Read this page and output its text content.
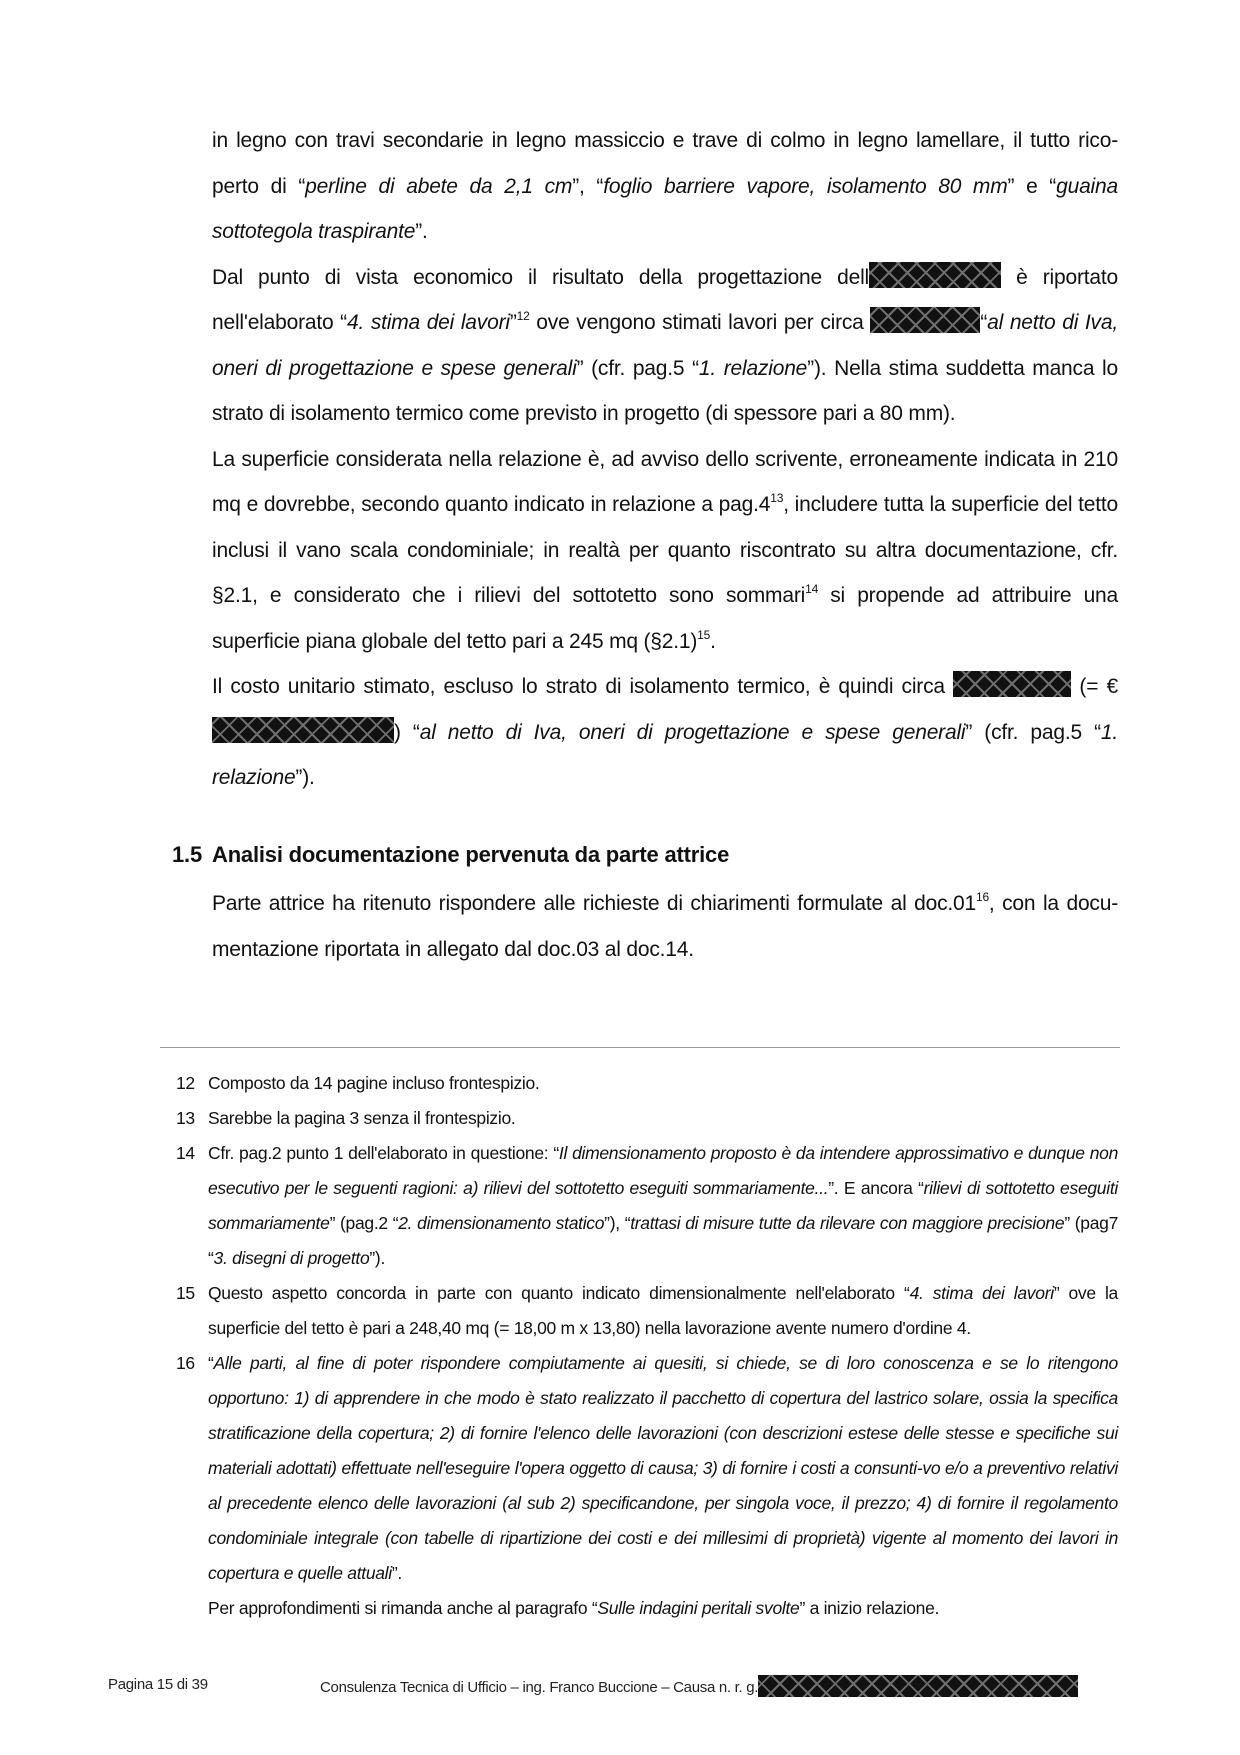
in legno con travi secondarie in legno massiccio e trave di colmo in legno lamellare, il tutto rico-perto di “perline di abete da 2,1 cm”, “foglio barriere vapore, isolamento 80 mm” e “guaina sottotegola traspirante”.

Dal punto di vista economico il risultato della progettazione dell	è riportato nell'elaborato “4. stima dei lavori”$^{12}$ ove vengono stimati lavori per circa	“al netto di Iva, oneri di progettazione e spese generali” (cfr. pag.5 “1. relazione”). Nella stima suddetta manca lo strato di isolamento termico come previsto in progetto (di spessore pari a 80 mm).

La superficie considerata nella relazione è, ad avviso dello scrivente, erroneamente indicata in 210 mq e dovrebbe, secondo quanto indicato in relazione a $pag.4^{13}$, includere tutta la superficie del tetto inclusi il vano scala condominiale; in realtà per quanto riscontrato su altra documentazione, cfr. §2.1, e considerato che i rilievi del sottotetto sono sommari$^{14}$ si propende ad attribuire una superficie piana globale del tetto pari a 245 mq (§2.1)$^{15}$.

Il costo unitario stimato, escluso lo strato di isolamento termico, è quindi circa	(= € ) “al netto di Iva, oneri di progettazione e spese generali” (cfr. pag.5 “1. relazione”).

1.5 Analisi documentazione pervenuta da parte attrice

Parte attrice ha ritenuto rispondere alle richieste di chiarimenti formulate al $doc.01^{16}$, con la docu-mentazione riportata in allegato dal doc.03 al doc.14.

12 Composto da 14 pagine incluso frontespizio.
13 Sarebbe la pagina 3 senza il frontespizio.
14 Cfr. pag.2 punto 1 dell'elaborato in questione: “Il dimensionamento proposto è da intendere approssimativo e dunque non esecutivo per le seguenti ragioni: a) rilievi del sottotetto eseguiti sommariamente...”. E ancora “rilievi di sottotetto eseguiti sommariamente” (pag.2 “2. dimensionamento statico”), “trattasi di misure tutte da rilevare con maggiore precisione” (pag7 “3. disegni di progetto”).
15 Questo aspetto concorda in parte con quanto indicato dimensionalmente nell'elaborato “4. stima dei lavori” ove la superficie del tetto è pari a 248,40 mq (= 18,00 m x 13,80) nella lavorazione avente numero d'ordine 4.
16 “Alle parti, al fine di poter rispondere compiutamente ai quesiti, si chiede, se di loro conoscenza e se lo ritengono opportuno: 1) di apprendere in che modo è stato realizzato il pacchetto di copertura del lastrico solare, ossia la specifica stratificazione della copertura; 2) di fornire l'elenco delle lavorazioni (con descrizioni estese delle stesse e specifiche sui materiali adottati) effettuate nell'eseguire l'opera oggetto di causa; 3) di fornire i costi a consunti-vo e/o a preventivo relativi al precedente elenco delle lavorazioni (al sub 2) specificandone, per singola voce, il prezzo; 4) di fornire il regolamento condominiale integrale (con tabelle di ripartizione dei costi e dei millesimi di proprietà) vigente al momento dei lavori in copertura e quelle attuali”.
Per approfondimenti si rimanda anche al paragrafo “Sulle indagini peritali svolte” a inizio relazione.
Pagina 15 di 39	Consulenza Tecnica di Ufficio – ing. Franco Buccione – Causa n. r. g.
